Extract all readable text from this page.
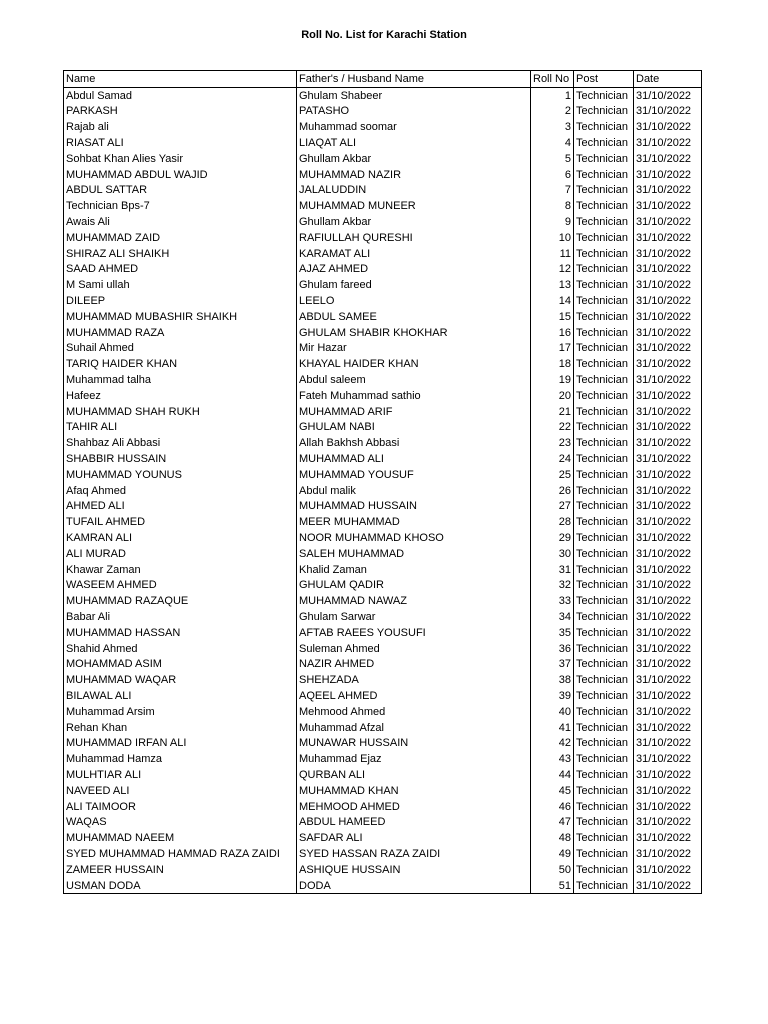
Roll No. List for Karachi Station
Name	Father's / Husband Name	Roll No	Post	Date
Abdul Samad	Ghulam Shabeer	1	Technician	31/10/2022
PARKASH	PATASHO	2	Technician	31/10/2022
Rajab ali	Muhammad soomar	3	Technician	31/10/2022
RIASAT ALI	LIAQAT ALI	4	Technician	31/10/2022
Sohbat Khan Alies Yasir	Ghullam Akbar	5	Technician	31/10/2022
MUHAMMAD ABDUL WAJID	MUHAMMAD NAZIR	6	Technician	31/10/2022
ABDUL SATTAR	JALALUDDIN	7	Technician	31/10/2022
Technician Bps-7	MUHAMMAD MUNEER	8	Technician	31/10/2022
Awais Ali	Ghullam Akbar	9	Technician	31/10/2022
MUHAMMAD ZAID	RAFIULLAH QURESHI	10	Technician	31/10/2022
SHIRAZ ALI SHAIKH	KARAMAT ALI	11	Technician	31/10/2022
SAAD AHMED	AJAZ AHMED	12	Technician	31/10/2022
M Sami ullah	Ghulam fareed	13	Technician	31/10/2022
DILEEP	LEELO	14	Technician	31/10/2022
MUHAMMAD MUBASHIR SHAIKH	ABDUL SAMEE	15	Technician	31/10/2022
MUHAMMAD RAZA	GHULAM SHABIR KHOKHAR	16	Technician	31/10/2022
Suhail Ahmed	Mir Hazar	17	Technician	31/10/2022
TARIQ HAIDER KHAN	KHAYAL HAIDER KHAN	18	Technician	31/10/2022
Muhammad talha	Abdul saleem	19	Technician	31/10/2022
Hafeez	Fateh Muhammad sathio	20	Technician	31/10/2022
MUHAMMAD SHAH RUKH	MUHAMMAD ARIF	21	Technician	31/10/2022
TAHIR ALI	GHULAM NABI	22	Technician	31/10/2022
Shahbaz Ali Abbasi	Allah Bakhsh Abbasi	23	Technician	31/10/2022
SHABBIR HUSSAIN	MUHAMMAD ALI	24	Technician	31/10/2022
MUHAMMAD YOUNUS	MUHAMMAD YOUSUF	25	Technician	31/10/2022
Afaq Ahmed	Abdul malik	26	Technician	31/10/2022
AHMED ALI	MUHAMMAD HUSSAIN	27	Technician	31/10/2022
TUFAIL AHMED	MEER MUHAMMAD	28	Technician	31/10/2022
KAMRAN ALI	NOOR MUHAMMAD KHOSO	29	Technician	31/10/2022
ALI MURAD	SALEH MUHAMMAD	30	Technician	31/10/2022
Khawar Zaman	Khalid Zaman	31	Technician	31/10/2022
WASEEM AHMED	GHULAM QADIR	32	Technician	31/10/2022
MUHAMMAD RAZAQUE	MUHAMMAD NAWAZ	33	Technician	31/10/2022
Babar Ali	Ghulam Sarwar	34	Technician	31/10/2022
MUHAMMAD HASSAN	AFTAB RAEES YOUSUFI	35	Technician	31/10/2022
Shahid Ahmed	Suleman Ahmed	36	Technician	31/10/2022
MOHAMMAD ASIM	NAZIR AHMED	37	Technician	31/10/2022
MUHAMMAD WAQAR	SHEHZADA	38	Technician	31/10/2022
BILAWAL ALI	AQEEL AHMED	39	Technician	31/10/2022
Muhammad Arsim	Mehmood Ahmed	40	Technician	31/10/2022
Rehan Khan	Muhammad Afzal	41	Technician	31/10/2022
MUHAMMAD IRFAN ALI	MUNAWAR HUSSAIN	42	Technician	31/10/2022
Muhammad Hamza	Muhammad Ejaz	43	Technician	31/10/2022
MULHTIAR ALI	QURBAN ALI	44	Technician	31/10/2022
NAVEED ALI	MUHAMMAD KHAN	45	Technician	31/10/2022
ALI TAIMOOR	MEHMOOD AHMED	46	Technician	31/10/2022
WAQAS	ABDUL HAMEED	47	Technician	31/10/2022
MUHAMMAD NAEEM	SAFDAR ALI	48	Technician	31/10/2022
SYED MUHAMMAD HAMMAD RAZA ZAIDI	SYED HASSAN RAZA ZAIDI	49	Technician	31/10/2022
ZAMEER HUSSAIN	ASHIQUE HUSSAIN	50	Technician	31/10/2022
USMAN DODA	DODA	51	Technician	31/10/2022
